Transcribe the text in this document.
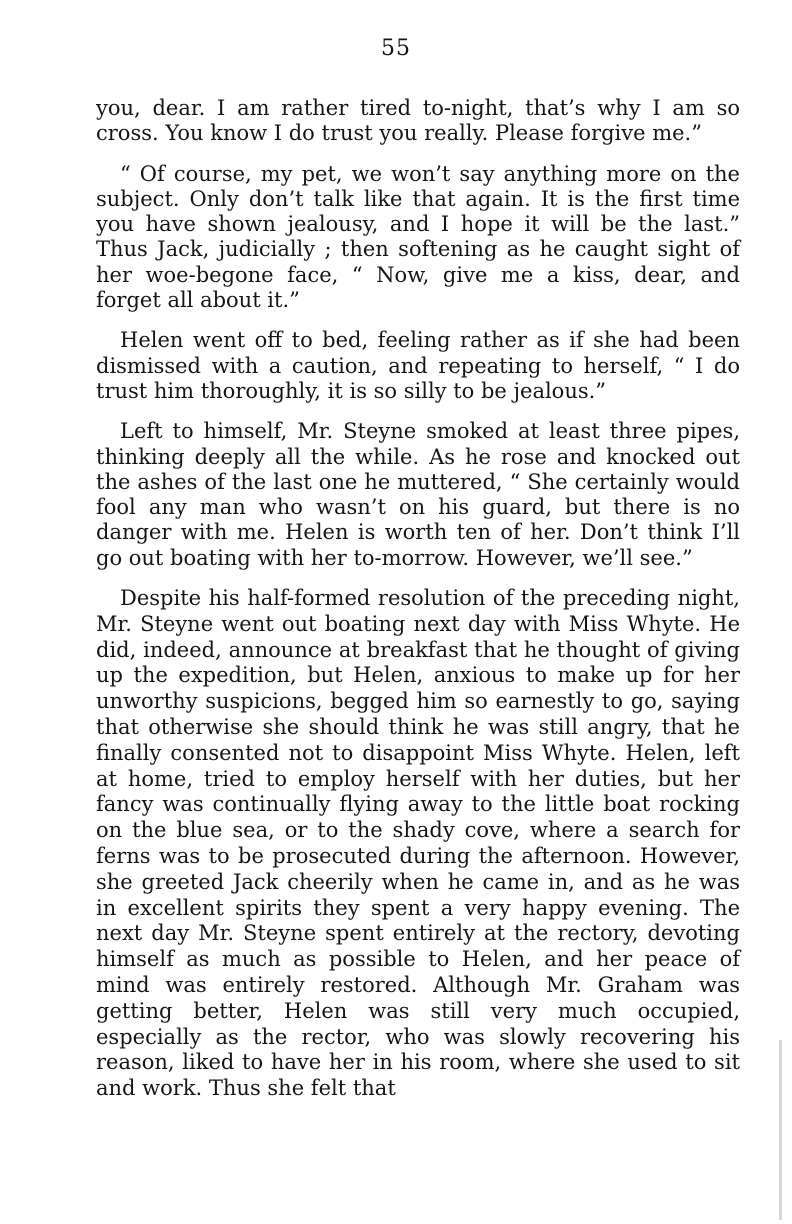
55

you, dear. I am rather tired to-night, that’s why I am so cross. You know I do trust you really. Please forgive me.”

“ Of course, my pet, we won’t say anything more on the subject. Only don’t talk like that again. It is the first time you have shown jealousy, and I hope it will be the last.” Thus Jack, judicially ; then softening as he caught sight of her woe-begone face, “ Now, give me a kiss, dear, and forget all about it.”

Helen went off to bed, feeling rather as if she had been dismissed with a caution, and repeating to herself, “ I do trust him thoroughly, it is so silly to be jealous.”

Left to himself, Mr. Steyne smoked at least three pipes, thinking deeply all the while. As he rose and knocked out the ashes of the last one he muttered, “ She certainly would fool any man who wasn’t on his guard, but there is no danger with me. Helen is worth ten of her. Don’t think I’ll go out boating with her to-morrow. However, we’ll see.”

Despite his half-formed resolution of the preceding night, Mr. Steyne went out boating next day with Miss Whyte. He did, indeed, announce at breakfast that he thought of giving up the expedition, but Helen, anxious to make up for her unworthy suspicions, begged him so earnestly to go, saying that otherwise she should think he was still angry, that he finally consented not to disappoint Miss Whyte. Helen, left at home, tried to employ herself with her duties, but her fancy was continually flying away to the little boat rocking on the blue sea, or to the shady cove, where a search for ferns was to be prosecuted during the afternoon. However, she greeted Jack cheerily when he came in, and as he was in excellent spirits they spent a very happy evening. The next day Mr. Steyne spent entirely at the rectory, devoting himself as much as possible to Helen, and her peace of mind was entirely restored. Although Mr. Graham was getting better, Helen was still very much occupied, especially as the rector, who was slowly recovering his reason, liked to have her in his room, where she used to sit and work. Thus she felt that
